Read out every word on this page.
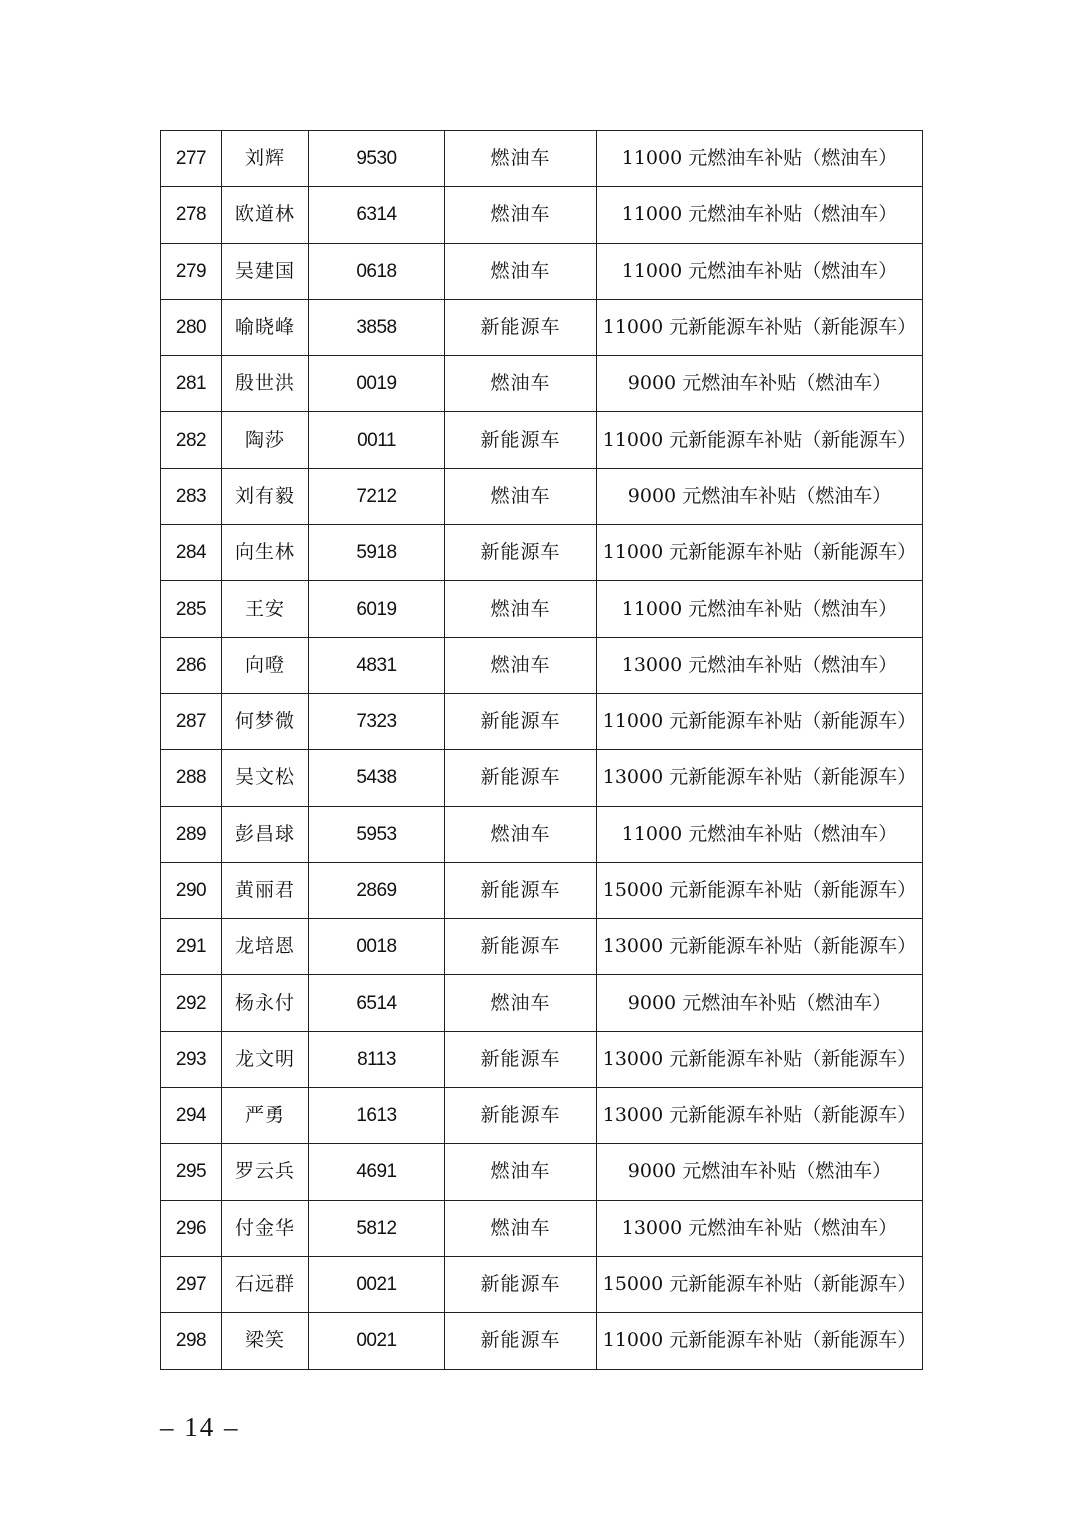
277	刘辉	9530	燃油车	11000 元燃油车补贴（燃油车）
278	欧道林	6314	燃油车	11000 元燃油车补贴（燃油车）
279	吴建国	0618	燃油车	11000 元燃油车补贴（燃油车）
280	喻晓峰	3858	新能源车	11000 元新能源车补贴（新能源车）
281	殷世洪	0019	燃油车	9000 元燃油车补贴（燃油车）
282	陶莎	0011	新能源车	11000 元新能源车补贴（新能源车）
283	刘有毅	7212	燃油车	9000 元燃油车补贴（燃油车）
284	向生林	5918	新能源车	11000 元新能源车补贴（新能源车）
285	王安	6019	燃油车	11000 元燃油车补贴（燃油车）
286	向噔	4831	燃油车	13000 元燃油车补贴（燃油车）
287	何梦微	7323	新能源车	11000 元新能源车补贴（新能源车）
288	吴文松	5438	新能源车	13000 元新能源车补贴（新能源车）
289	彭昌球	5953	燃油车	11000 元燃油车补贴（燃油车）
290	黄丽君	2869	新能源车	15000 元新能源车补贴（新能源车）
291	龙培恩	0018	新能源车	13000 元新能源车补贴（新能源车）
292	杨永付	6514	燃油车	9000 元燃油车补贴（燃油车）
293	龙文明	8113	新能源车	13000 元新能源车补贴（新能源车）
294	严勇	1613	新能源车	13000 元新能源车补贴（新能源车）
295	罗云兵	4691	燃油车	9000 元燃油车补贴（燃油车）
296	付金华	5812	燃油车	13000 元燃油车补贴（燃油车）
297	石远群	0021	新能源车	15000 元新能源车补贴（新能源车）
298	梁笑	0021	新能源车	11000 元新能源车补贴（新能源车）
– 14 –
